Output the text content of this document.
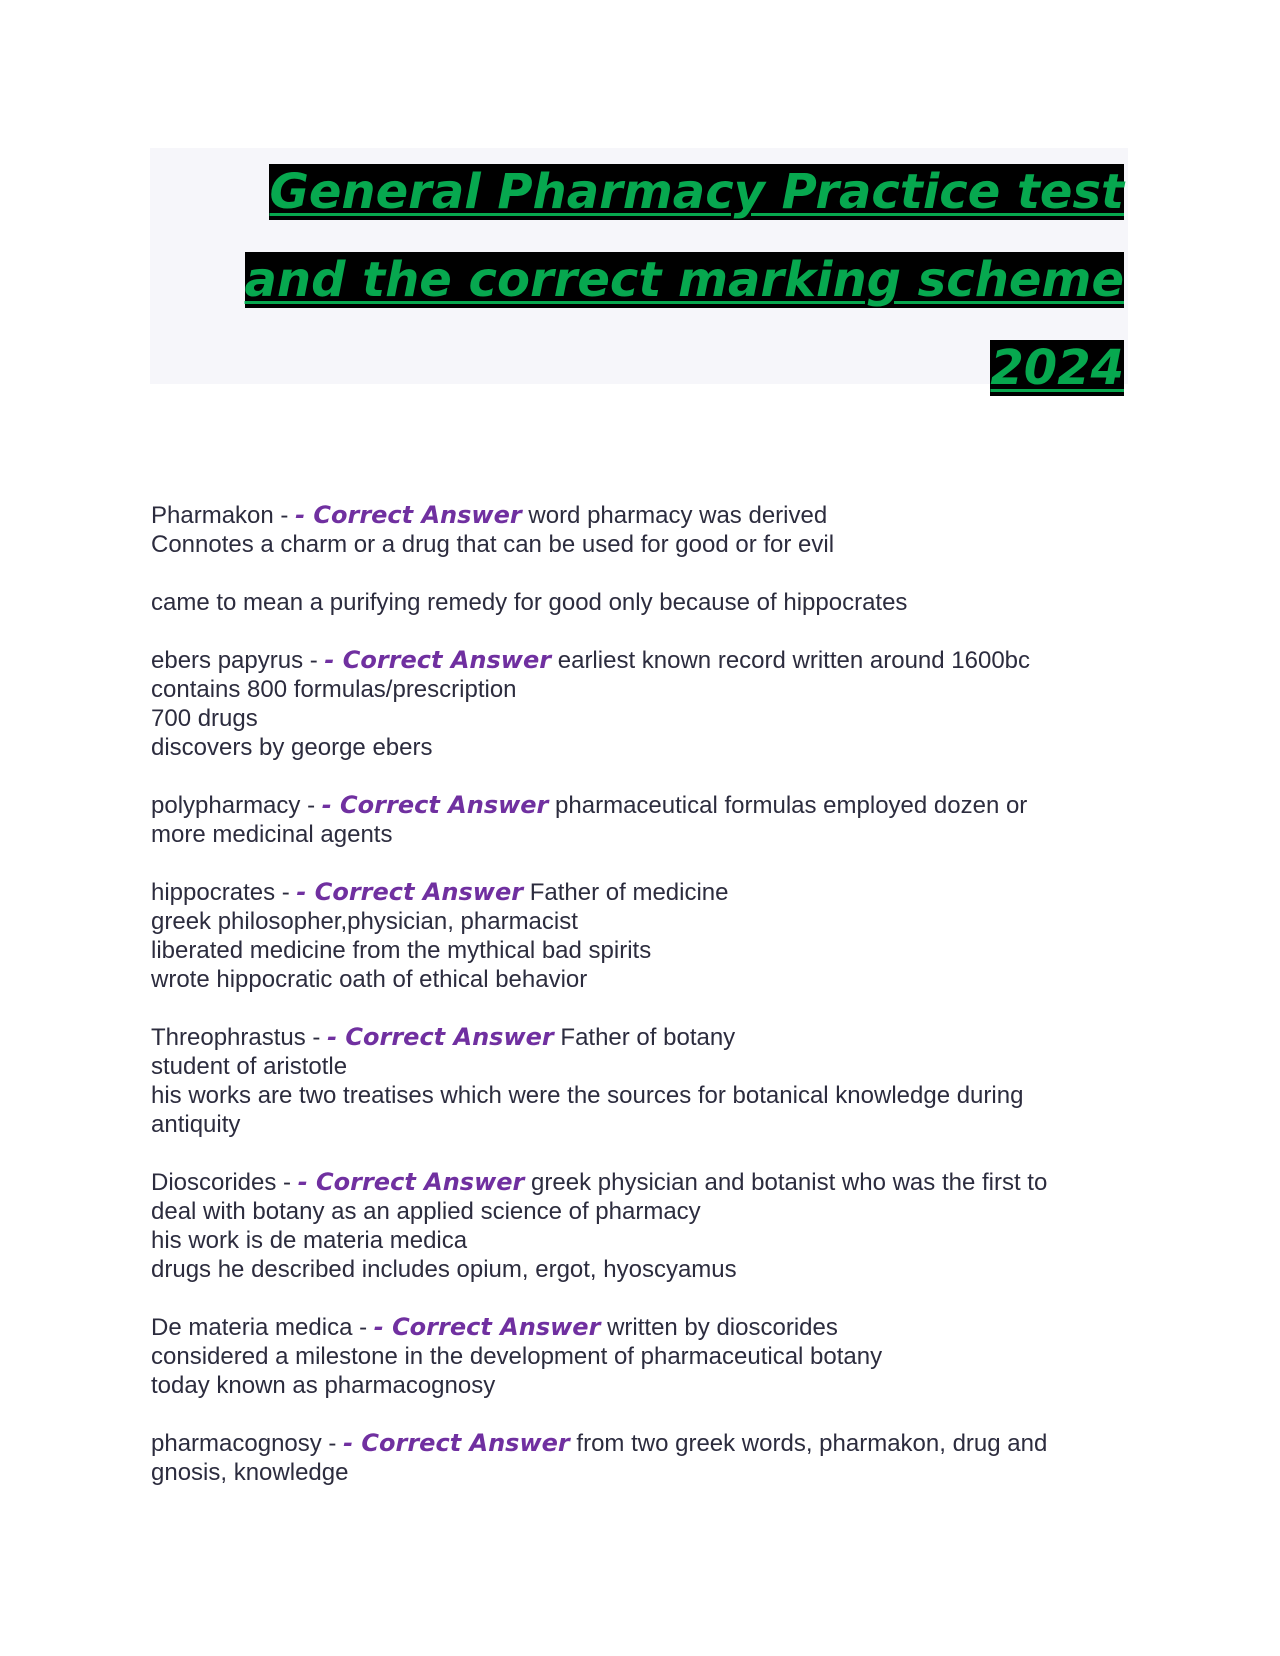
General Pharmacy Practice test
and the correct marking scheme
2024
Pharmakon - - Correct Answer word pharmacy was derived
Connotes a charm or a drug that can be used for good or for evil

came to mean a purifying remedy for good only because of hippocrates
ebers papyrus - - Correct Answer earliest known record written around 1600bc
contains 800 formulas/prescription
700 drugs
discovers by george ebers
polypharmacy - - Correct Answer pharmaceutical formulas employed dozen or
more medicinal agents
hippocrates - - Correct Answer Father of medicine
greek philosopher,physician, pharmacist
liberated medicine from the mythical bad spirits
wrote hippocratic oath of ethical behavior
Threophrastus - - Correct Answer Father of botany
student of aristotle
his works are two treatises which were the sources for botanical knowledge during
antiquity
Dioscorides - - Correct Answer greek physician and botanist who was the first to
deal with botany as an applied science of pharmacy
his work is de materia medica
drugs he described includes opium, ergot, hyoscyamus
De materia medica - - Correct Answer written by dioscorides
considered a milestone in the development of pharmaceutical botany
today known as pharmacognosy
pharmacognosy - - Correct Answer from two greek words, pharmakon, drug and
gnosis, knowledge
